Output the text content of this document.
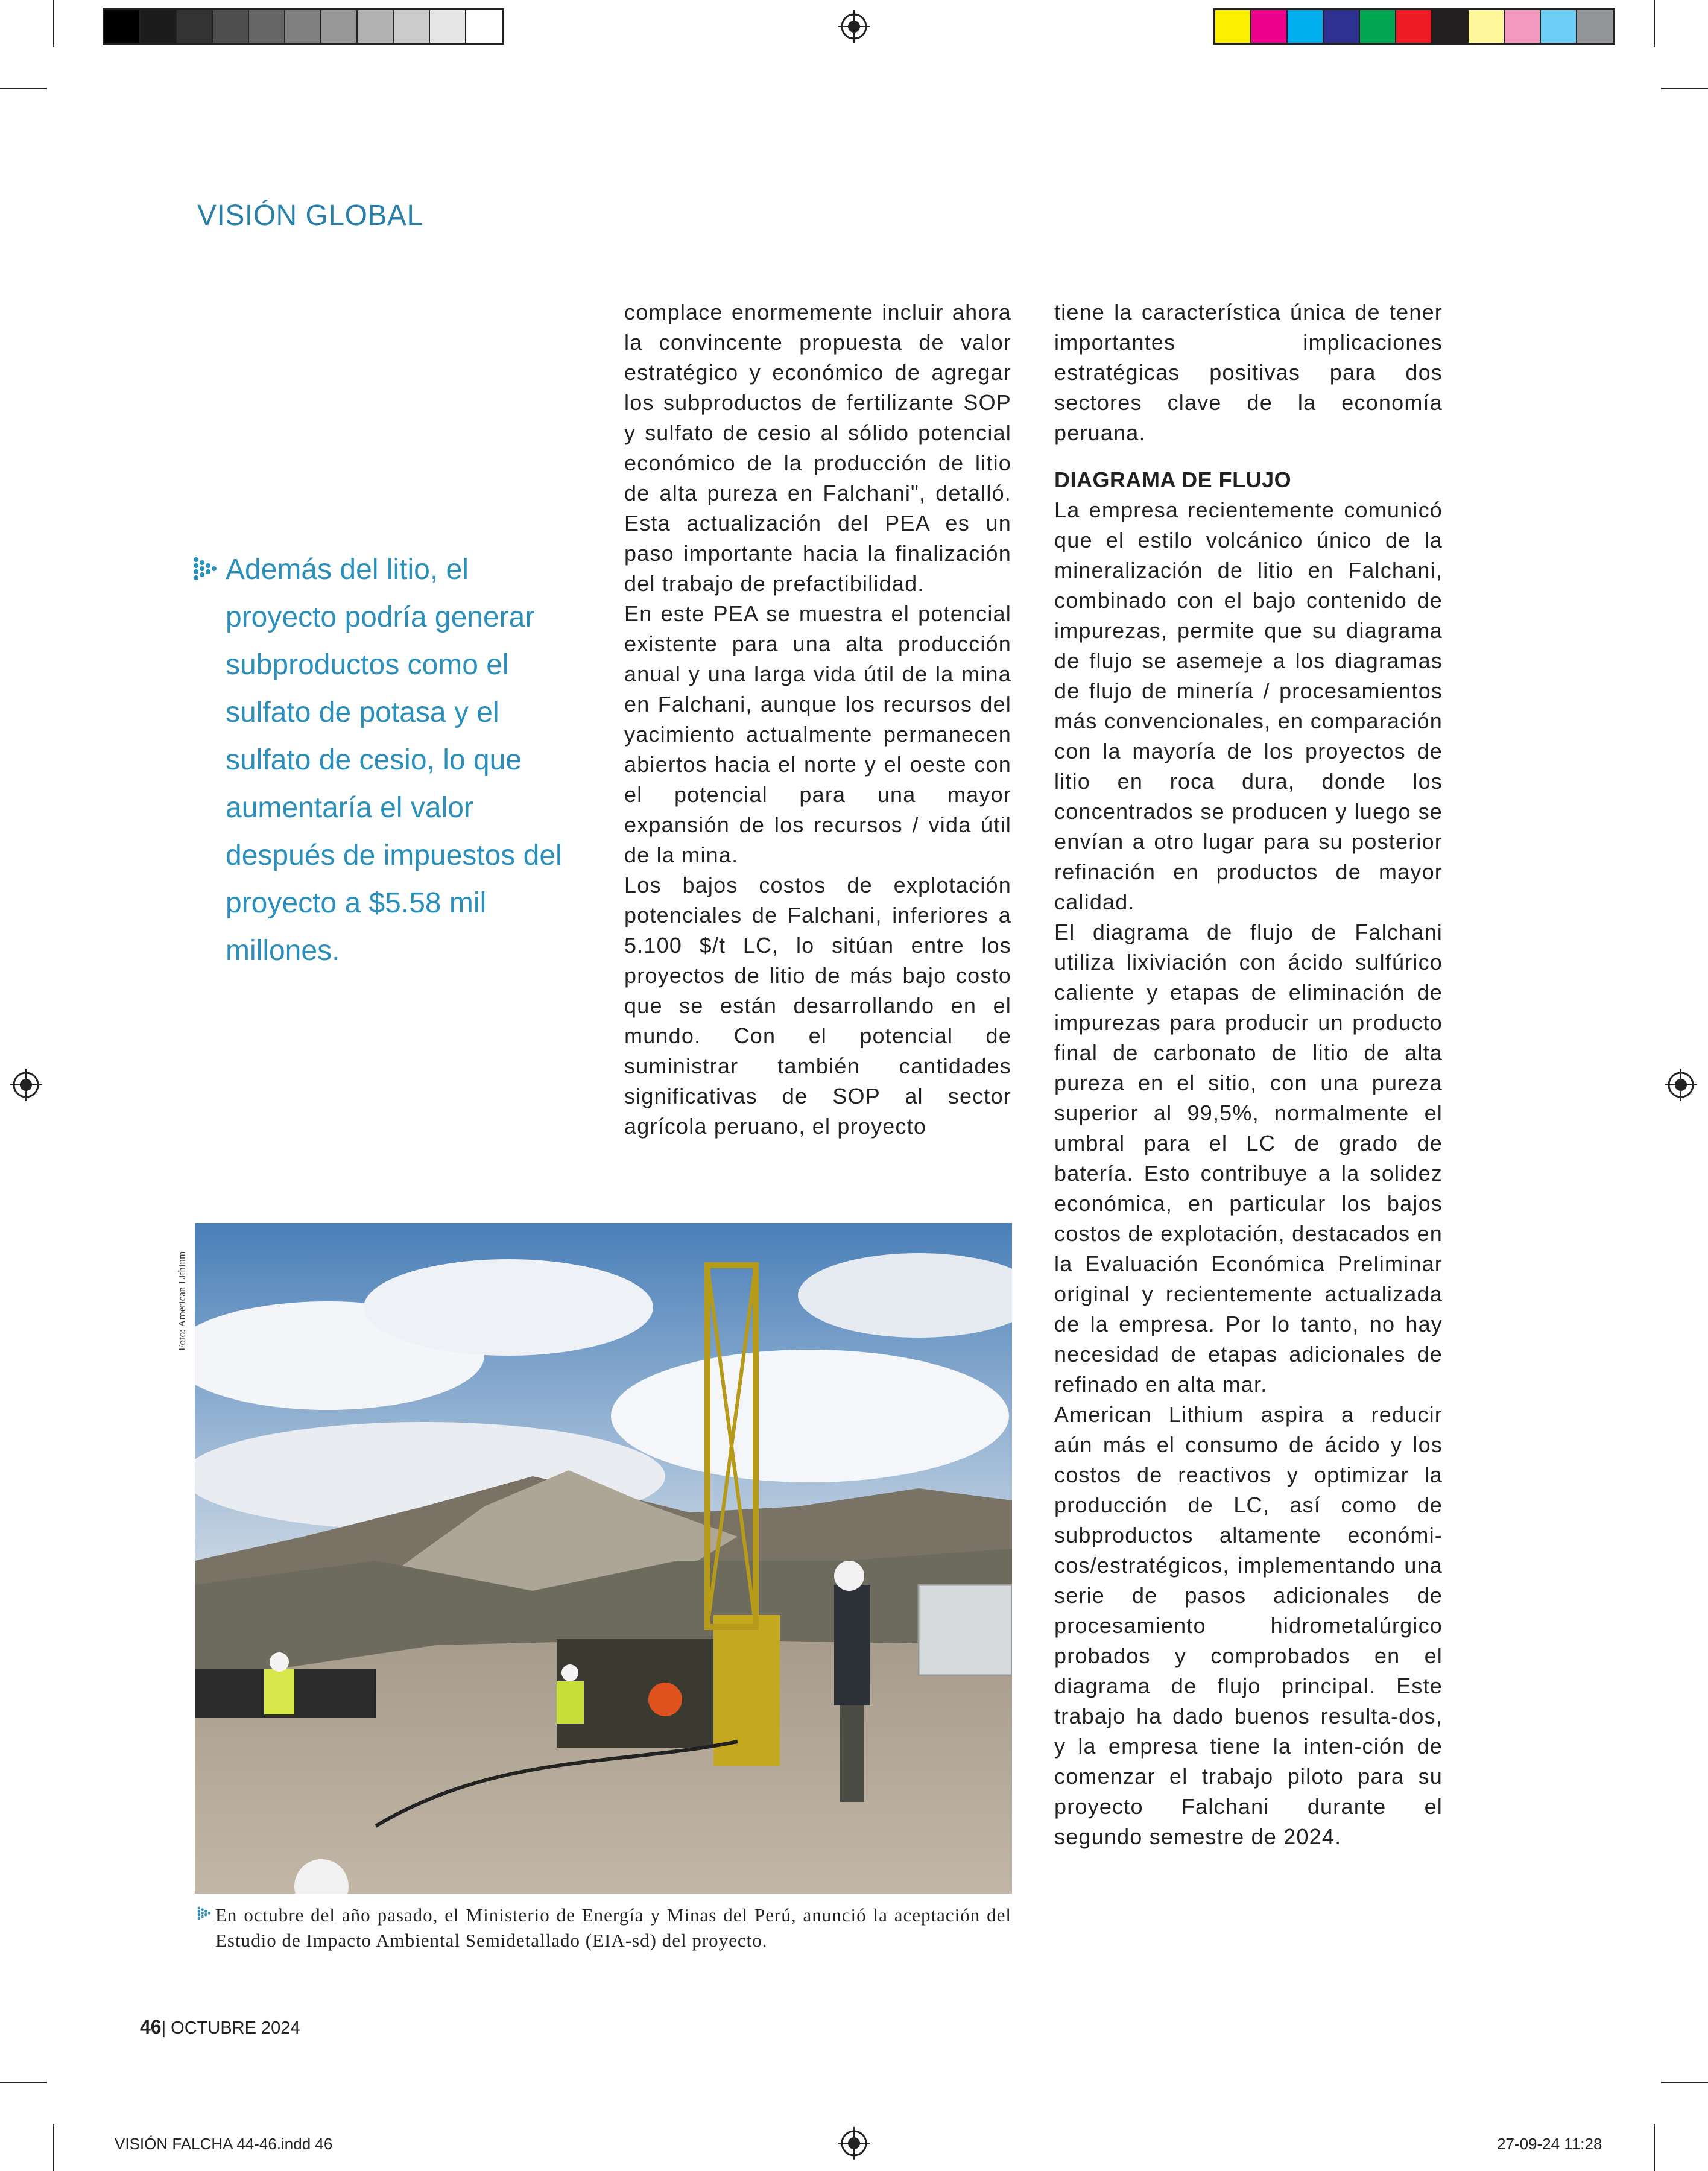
VISIÓN GLOBAL
Además del litio, el proyecto podría generar subproductos como el sulfato de potasa y el sulfato de cesio, lo que aumentaría el valor después de impuestos del proyecto a $5.58 mil millones.

complace enormemente incluir ahora la convincente propuesta de valor estratégico y económico de agregar los subproductos de fertilizante SOP y sulfato de cesio al sólido potencial económico de la producción de litio de alta pureza en Falchani", detalló. Esta actualización del PEA es un paso importante hacia la finalización del trabajo de prefactibilidad.

En este PEA se muestra el potencial existente para una alta producción anual y una larga vida útil de la mina en Falchani, aunque los recursos del yacimiento actualmente permanecen abiertos hacia el norte y el oeste con el potencial para una mayor expansión de los recursos / vida útil de la mina.

Los bajos costos de explotación potenciales de Falchani, inferiores a 5.100 $/t LC, lo sitúan entre los proyectos de litio de más bajo costo que se están desarrollando en el mundo. Con el potencial de suministrar también cantidades significativas de SOP al sector agrícola peruano, el proyecto

tiene la característica única de tener importantes implicaciones estratégicas positivas para dos sectores clave de la economía peruana.

DIAGRAMA DE FLUJO

La empresa recientemente comunicó que el estilo volcánico único de la mineralización de litio en Falchani, combinado con el bajo contenido de impurezas, permite que su diagrama de flujo se asemeje a los diagramas de flujo de minería / procesamientos más convencionales, en comparación con la mayoría de los proyectos de litio en roca dura, donde los concentrados se producen y luego se envían a otro lugar para su posterior refinación en productos de mayor calidad.

El diagrama de flujo de Falchani utiliza lixiviación con ácido sulfúrico caliente y etapas de eliminación de impurezas para producir un producto final de carbonato de litio de alta pureza en el sitio, con una pureza superior al 99,5%, normalmente el umbral para el LC de grado de batería. Esto contribuye a la solidez económica, en particular los bajos costos de explotación, destacados en la Evaluación Económica Preliminar original y recientemente actualizada de la empresa. Por lo tanto, no hay necesidad de etapas adicionales de refinado en alta mar.

American Lithium aspira a reducir aún más el consumo de ácido y los costos de reactivos y optimizar la producción de LC, así como de subproductos altamente económi-cos/estratégicos, implementando una serie de pasos adicionales de procesamiento hidrometalúrgico probados y comprobados en el diagrama de flujo principal. Este trabajo ha dado buenos resulta-dos, y la empresa tiene la inten-ción de comenzar el trabajo piloto para su proyecto Falchani durante el segundo semestre de 2024.

Foto: American Lithium
En octubre del año pasado, el Ministerio de Energía y Minas del Perú, anunció la aceptación del Estudio de Impacto Ambiental Semidetallado (EIA-sd) del proyecto.
46| OCTUBRE 2024
VISIÓN FALCHA 44-46.indd 46	27-09-24 11:28
